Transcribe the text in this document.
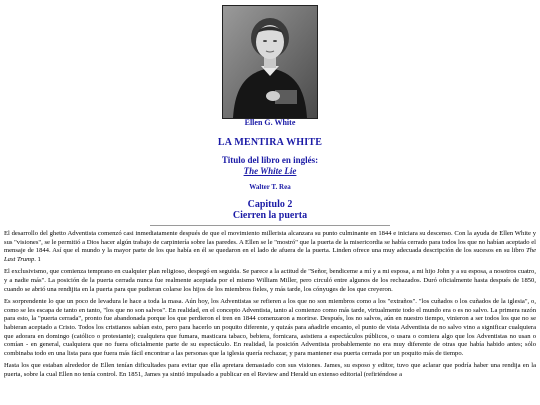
Ellen G. White
LA MENTIRA WHITE
Titulo del libro en inglés:
The White Lie
Walter T. Rea
Capitulo 2
Cierren la puerta

El desarrollo del ghetto Adventista comenzó casi inmediatamente después de que el movimiento millerista alcanzara su punto culminante en 1844 e iniciara su descenso. Con la ayuda de Ellen White y sus "visiones", se le permitió a Dios hacer algún trabajo de carpintería sobre las paredes. A Ellen se le "mostró" que la puerta de la misericordia se había cerrado para todos los que no habían aceptado el mensaje de 1844. Así que el mundo y la mayor parte de los que había en él se quedaron en el lado de afuera de la puerta. Linden ofrece una muy adecuada descripción de los sucesos en su libro The Last Trump. 1

El exclusivismo, que comienza temprano en cualquier plan religioso, despegó en seguida. Se parece a la actitud de "Señor, bendiceme a mí y a mi esposa, a mi hijo John y a su esposa, a nosotros cuatro, y a nadie más". La posición de la puerta cerrada nunca fue realmente aceptada por el mismo William Miller, pero circuló entre algunos de los rechazados. Duró oficialmente hasta después de 1850, cuando se abrió una rendijita en la puerta para que pudieran colarse los hijos de los miembros fieles, y más tarde, los cónyuges de los que creyeron.

Es sorprendente lo que un poco de levadura le hace a toda la masa. Aún hoy, los Adventistas se refieren a los que no son miembros como a los "extraños". "los cuñados o los cuñados de la iglesia", o, como se les escapa de tanto en tanto, "los que no son salvos". En realidad, en el concepto Adventista, tanto al comienzo como más tarde, virtualmente todo el mundo era o es no salvo. La primera razón para esto, la "puerta cerrada", pronto fue abandonada porque los que perdieron el tren en 1844 comenzaron a morirse. Después, los no salvos, aún en nuestro tiempo, vinieron a ser todos los que no se habieran aceptado a Cristo. Todos los cristianos sabían esto, pero para hacerlo un poquito diferente, y quizás para añadirle encanto, el punto de vista Adventista de no salvo vino a significar cualquiera que adorara en domingo (católico o protestante); cualquiera que fumara, masticara tabaco, bebiera, fornicara, asistiera a espectáculos públicos, o usara o comiera algo que los Adventistas no usan o comían - en general, cualquiera que no fuera oficialmente parte de su espectáculo. En realidad, la posición Adventista probablemente no era muy diferente de otras que había habido antes; sólo combinaba todo en una lista para que fuera más fácil encontrar a las personas que la iglesia quería rechazar, y para mantener esa puerta cerrada por un poquito más de tiempo.

Hasta los que estaban alrededor de Ellen tenían dificultades para evitar que ella apretara demasiado con sus visiones. James, su esposo y editor, tuvo que aclarar que podría haber una rendija en la puerta, sobre la cual Ellen no tenía control. En 1851, James ya sintió impulsado a publicar en el Review and Herald un extenso editorial (refiriéndose a
